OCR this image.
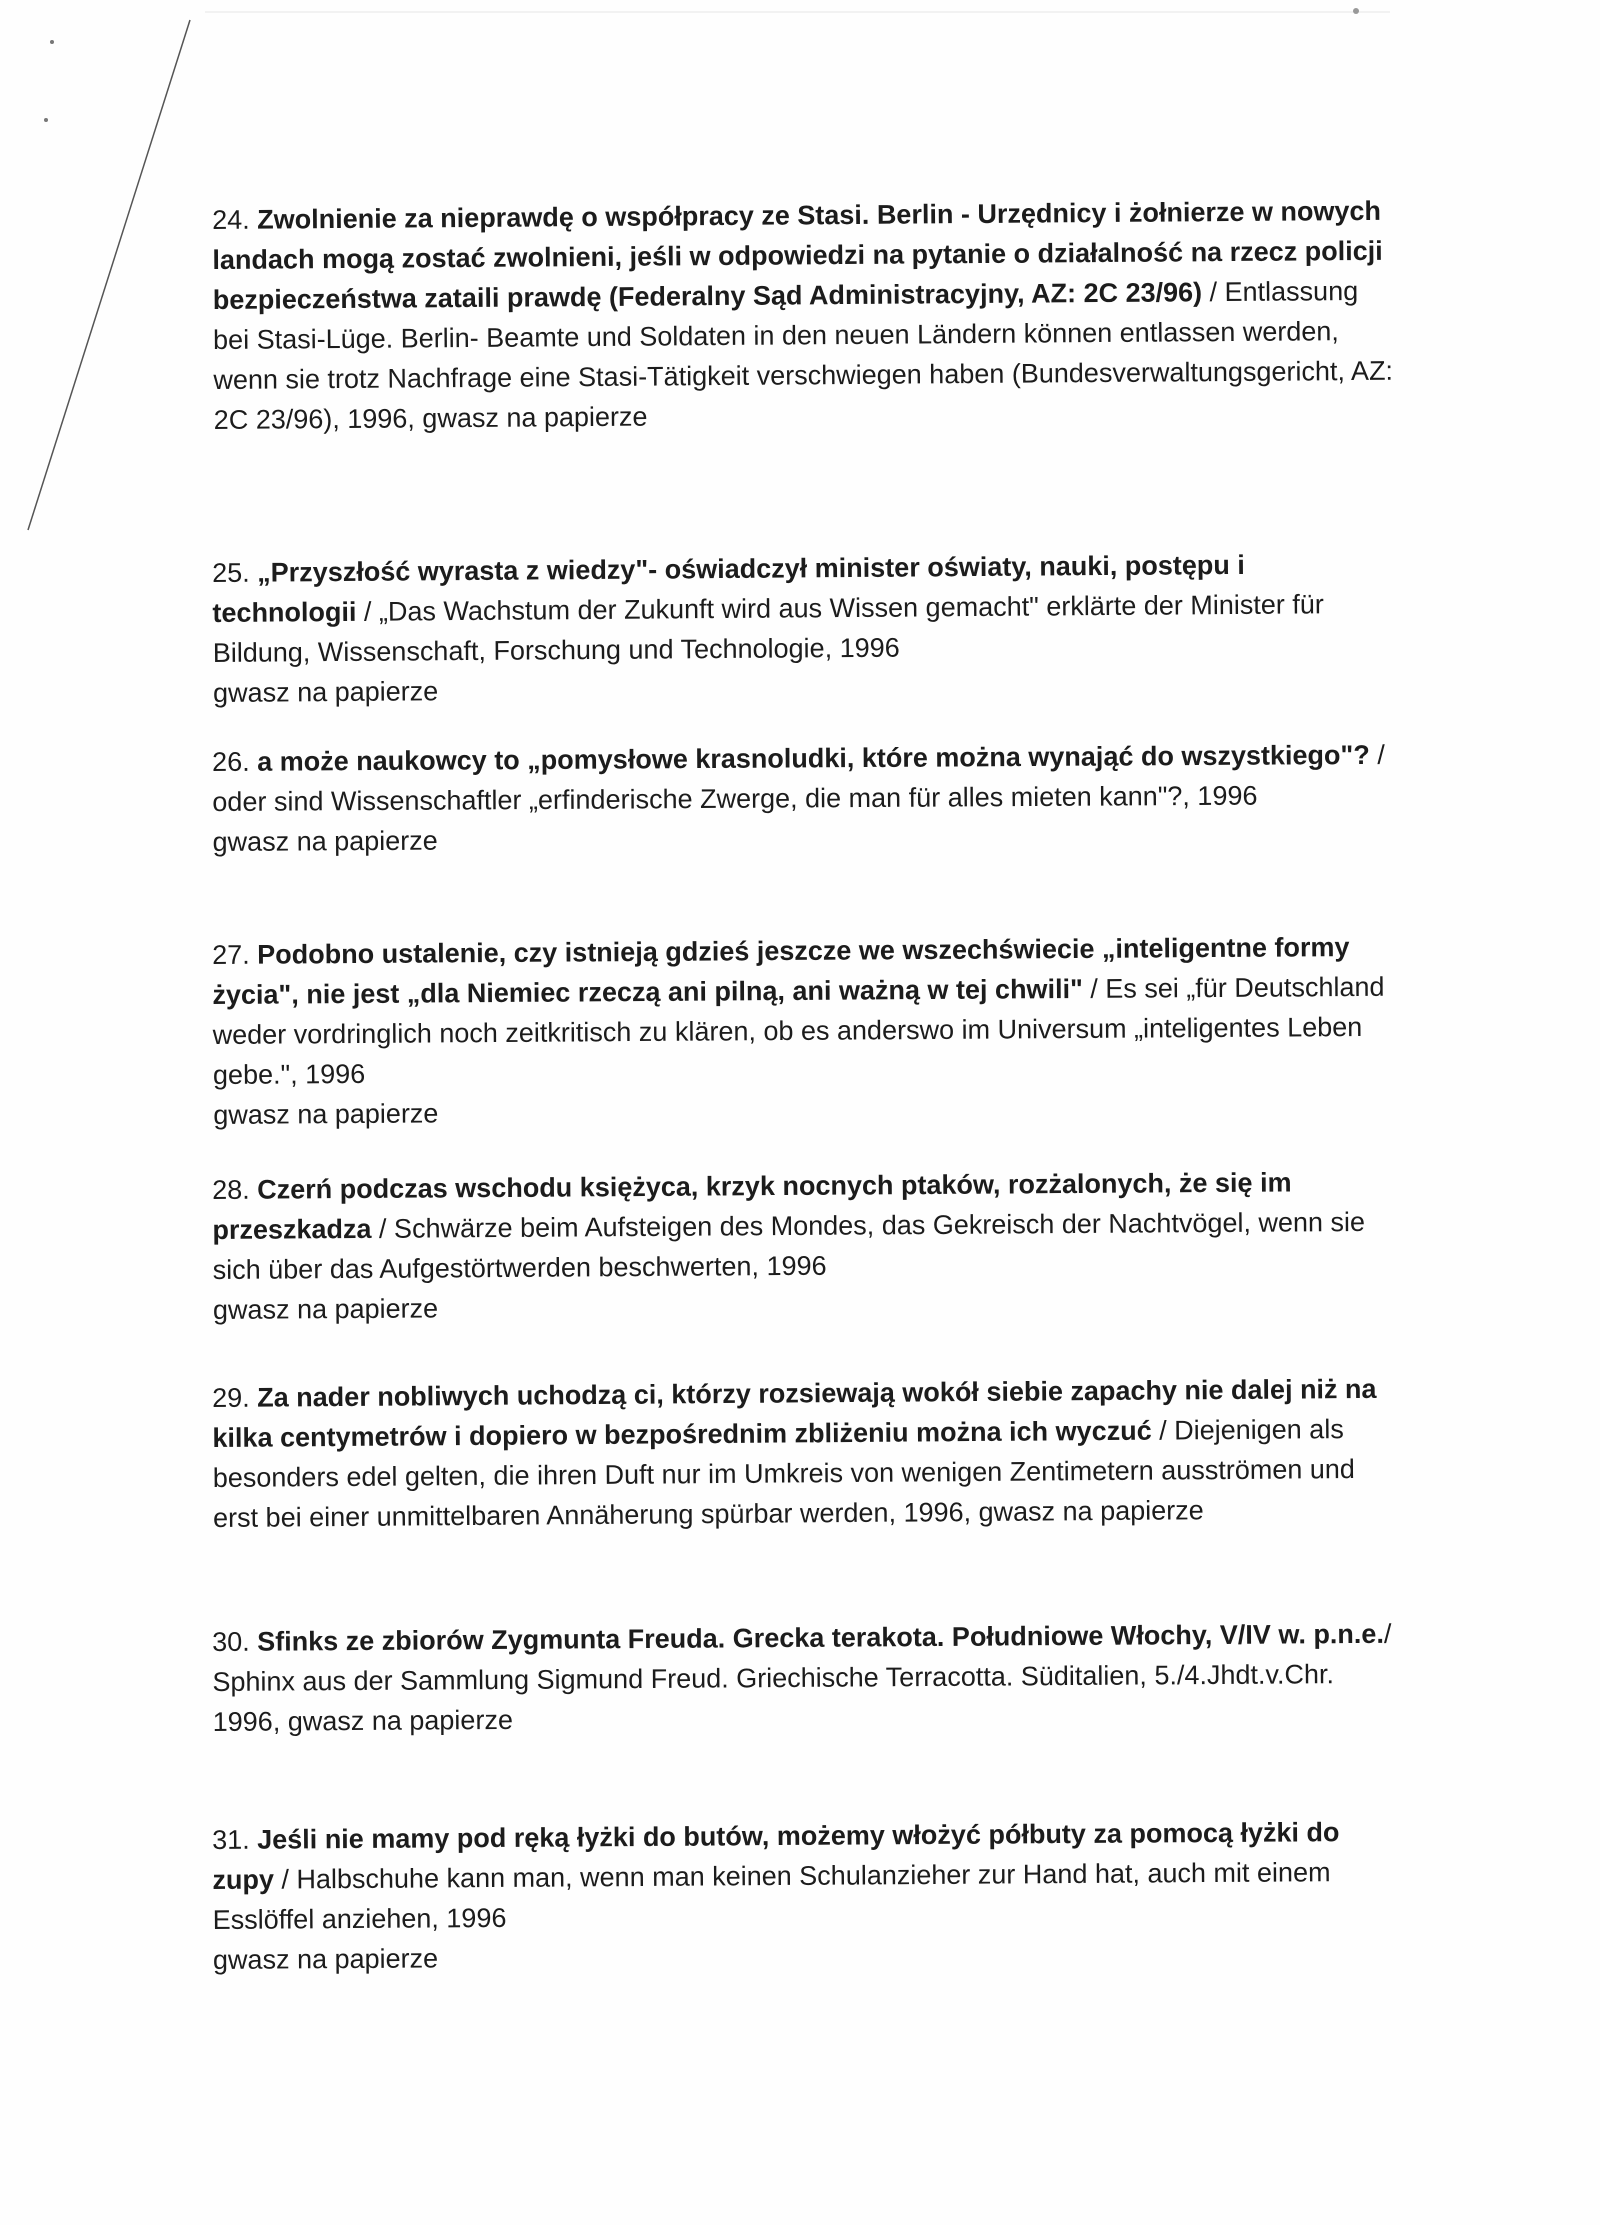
24. Zwolnienie za nieprawdę o współpracy ze Stasi. Berlin - Urzędnicy i żołnierze w nowych landach mogą zostać zwolnieni, jeśli w odpowiedzi na pytanie o działalność na rzecz policji bezpieczeństwa zataili prawdę (Federalny Sąd Administracyjny, AZ: 2C 23/96) / Entlassung bei Stasi-Lüge. Berlin- Beamte und Soldaten in den neuen Ländern können entlassen werden, wenn sie trotz Nachfrage eine Stasi-Tätigkeit verschwiegen haben (Bundesverwaltungsgericht, AZ: 2C 23/96), 1996, gwasz na papierze

25. „Przyszłość wyrasta z wiedzy"- oświadczył minister oświaty, nauki, postępu i technologii / „Das Wachstum der Zukunft wird aus Wissen gemacht" erklärte der Minister für Bildung, Wissenschaft, Forschung und Technologie, 1996

gwasz na papierze

26. a może naukowcy to „pomysłowe krasnoludki, które można wynająć do wszystkiego"? / oder sind Wissenschaftler „erfinderische Zwerge, die man für alles mieten kann"?, 1996

gwasz na papierze

27. Podobno ustalenie, czy istnieją gdzieś jeszcze we wszechświecie „inteligentne formy życia", nie jest „dla Niemiec rzeczą ani pilną, ani ważną w tej chwili" / Es sei „für Deutschland weder vordringlich noch zeitkritisch zu klären, ob es anderswo im Universum „inteligentes Leben gebe.", 1996

gwasz na papierze

28. Czerń podczas wschodu księżyca, krzyk nocnych ptaków, rozżalonych, że się im przeszkadza / Schwärze beim Aufsteigen des Mondes, das Gekreisch der Nachtvögel, wenn sie sich über das Aufgestörtwerden beschwerten, 1996

gwasz na papierze

29. Za nader nobliwych uchodzą ci, którzy rozsiewają wokół siebie zapachy nie dalej niż na kilka centymetrów i dopiero w bezpośrednim zbliżeniu można ich wyczuć / Diejenigen als besonders edel gelten, die ihren Duft nur im Umkreis von wenigen Zentimetern ausströmen und erst bei einer unmittelbaren Annäherung spürbar werden, 1996, gwasz na papierze

30. Sfinks ze zbiorów Zygmunta Freuda. Grecka terakota. Południowe Włochy, V/IV w. p.n.e./ Sphinx aus der Sammlung Sigmund Freud. Griechische Terracotta. Süditalien, 5./4.Jhdt.v.Chr.

1996, gwasz na papierze

31. Jeśli nie mamy pod ręką łyżki do butów, możemy włożyć półbuty za pomocą łyżki do zupy / Halbschuhe kann man, wenn man keinen Schulanzieher zur Hand hat, auch mit einem Esslöffel anziehen, 1996

gwasz na papierze
